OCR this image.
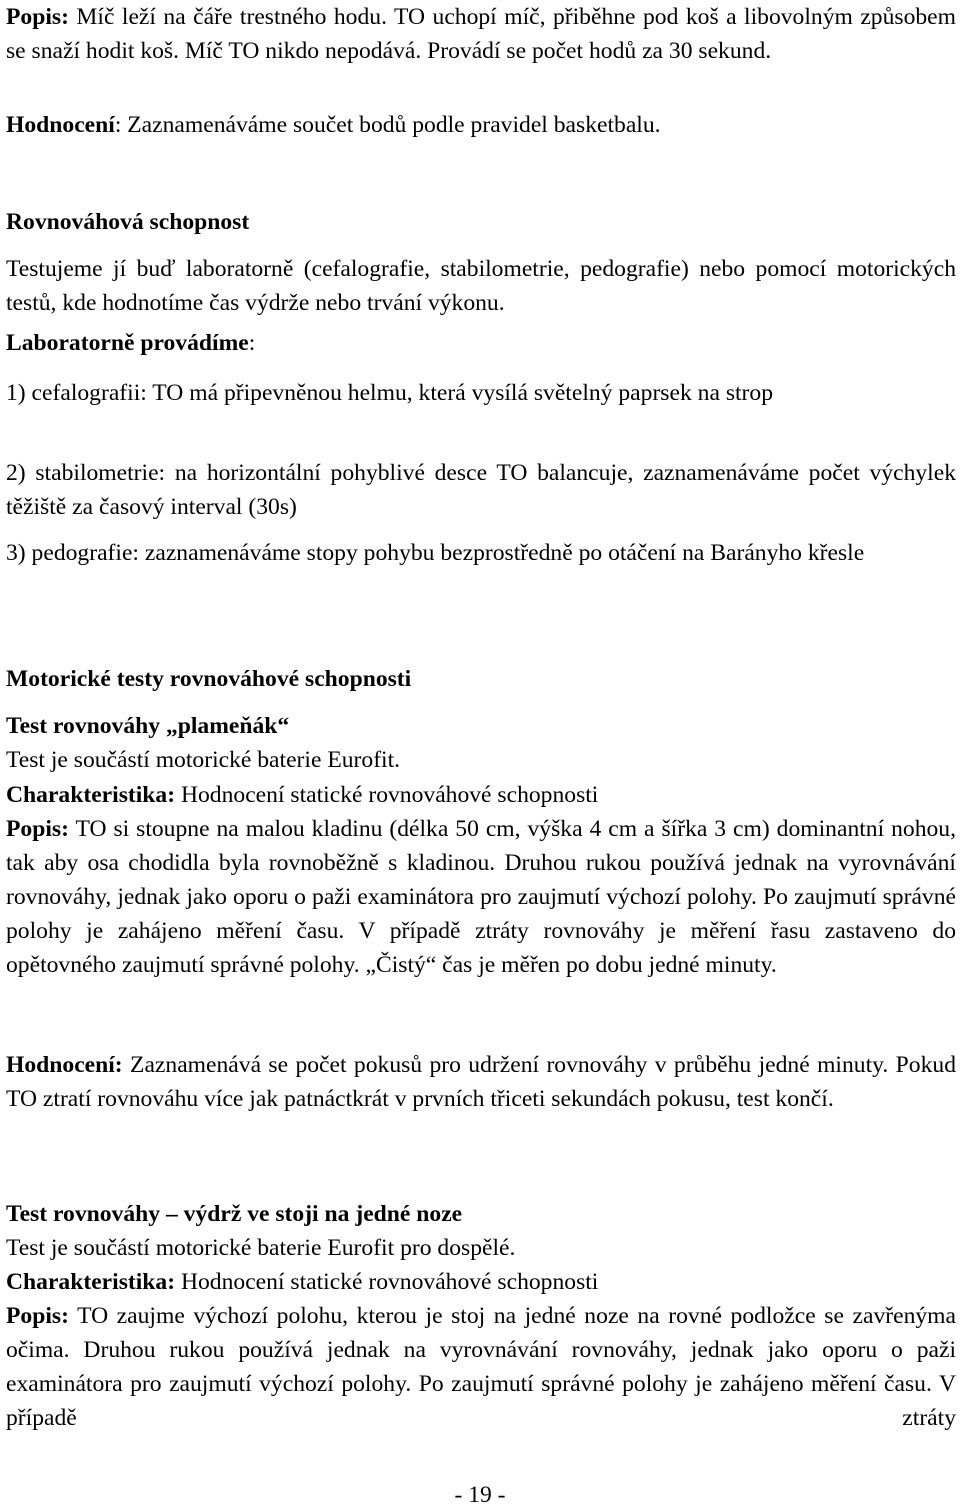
Popis: Míč leží na čáře trestného hodu. TO uchopí míč, přiběhne pod koš a libovolným způsobem se snaží hodit koš. Míč TO nikdo nepodává. Provádí se počet hodů za 30 sekund.

Hodnocení: Zaznamenáváme součet bodů podle pravidel basketbalu.

Rovnováhová schopnost

Testujeme jí buď laboratorně (cefalografie, stabilometrie, pedografie) nebo pomocí motorických testů, kde hodnotíme čas výdrže nebo trvání výkonu.

Laboratorně provádíme:

1) cefalografii: TO má připevněnou helmu, která vysílá světelný paprsek na strop

2) stabilometrie: na horizontální pohyblivé desce TO balancuje, zaznamenáváme počet výchylek těžiště za časový interval (30s)

3) pedografie: zaznamenáváme stopy pohybu bezprostředně po otáčení na Barányho křesle

Motorické testy rovnováhové schopnosti

Test rovnováhy „plameňák“

Test je součástí motorické baterie Eurofit.

Charakteristika: Hodnocení statické rovnováhové schopnosti

Popis: TO si stoupne na malou kladinu (délka 50 cm, výška 4 cm a šířka 3 cm) dominantní nohou, tak aby osa chodidla byla rovnoběžně s kladinou. Druhou rukou používá jednak na vyrovnávání rovnováhy, jednak jako oporu o paži examinátora pro zaujmutí výchozí polohy. Po zaujmutí správné polohy je zahájeno měření času. V případě ztráty rovnováhy je měření řasu zastaveno do opětovného zaujmutí správné polohy. „Čistý“ čas je měřen po dobu jedné minuty.

Hodnocení: Zaznamenává se počet pokusů pro udržení rovnováhy v průběhu jedné minuty. Pokud TO ztratí rovnováhu více jak patnáctkrát v prvních třiceti sekundách pokusu, test končí.

Test rovnováhy – výdrž ve stoji na jedné noze

Test je součástí motorické baterie Eurofit pro dospělé.

Charakteristika: Hodnocení statické rovnováhové schopnosti

Popis: TO zaujme výchozí polohu, kterou je stoj na jedné noze na rovné podložce se zavřenýma očima. Druhou rukou používá jednak na vyrovnávání rovnováhy, jednak jako oporu o paži examinátora pro zaujmutí výchozí polohy. Po zaujmutí správné polohy je zahájeno měření času. V případě ztráty

- 19 -
